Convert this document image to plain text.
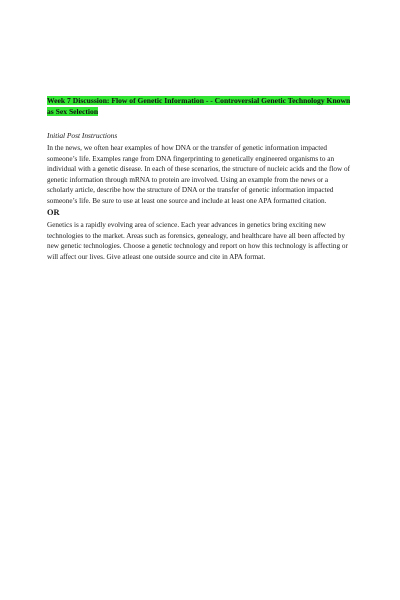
Week 7 Discussion: Flow of Genetic Information - - Controversial Genetic Technology Known as Sex Selection

Initial Post Instructions

In the news, we often hear examples of how DNA or the transfer of genetic information impacted someone’s life. Examples range from DNA fingerprinting to genetically engineered organisms to an individual with a genetic disease. In each of these scenarios, the structure of nucleic acids and the flow of genetic information through mRNA to protein are involved. Using an example from the news or a scholarly article, describe how the structure of DNA or the transfer of genetic information impacted someone’s life. Be sure to use at least one source and include at least one APA formatted citation.

OR

Genetics is a rapidly evolving area of science. Each year advances in genetics bring exciting new technologies to the market. Areas such as forensics, genealogy, and healthcare have all been affected by new genetic technologies. Choose a genetic technology and report on how this technology is affecting or will affect our lives. Give atleast one outside source and cite in APA format.
